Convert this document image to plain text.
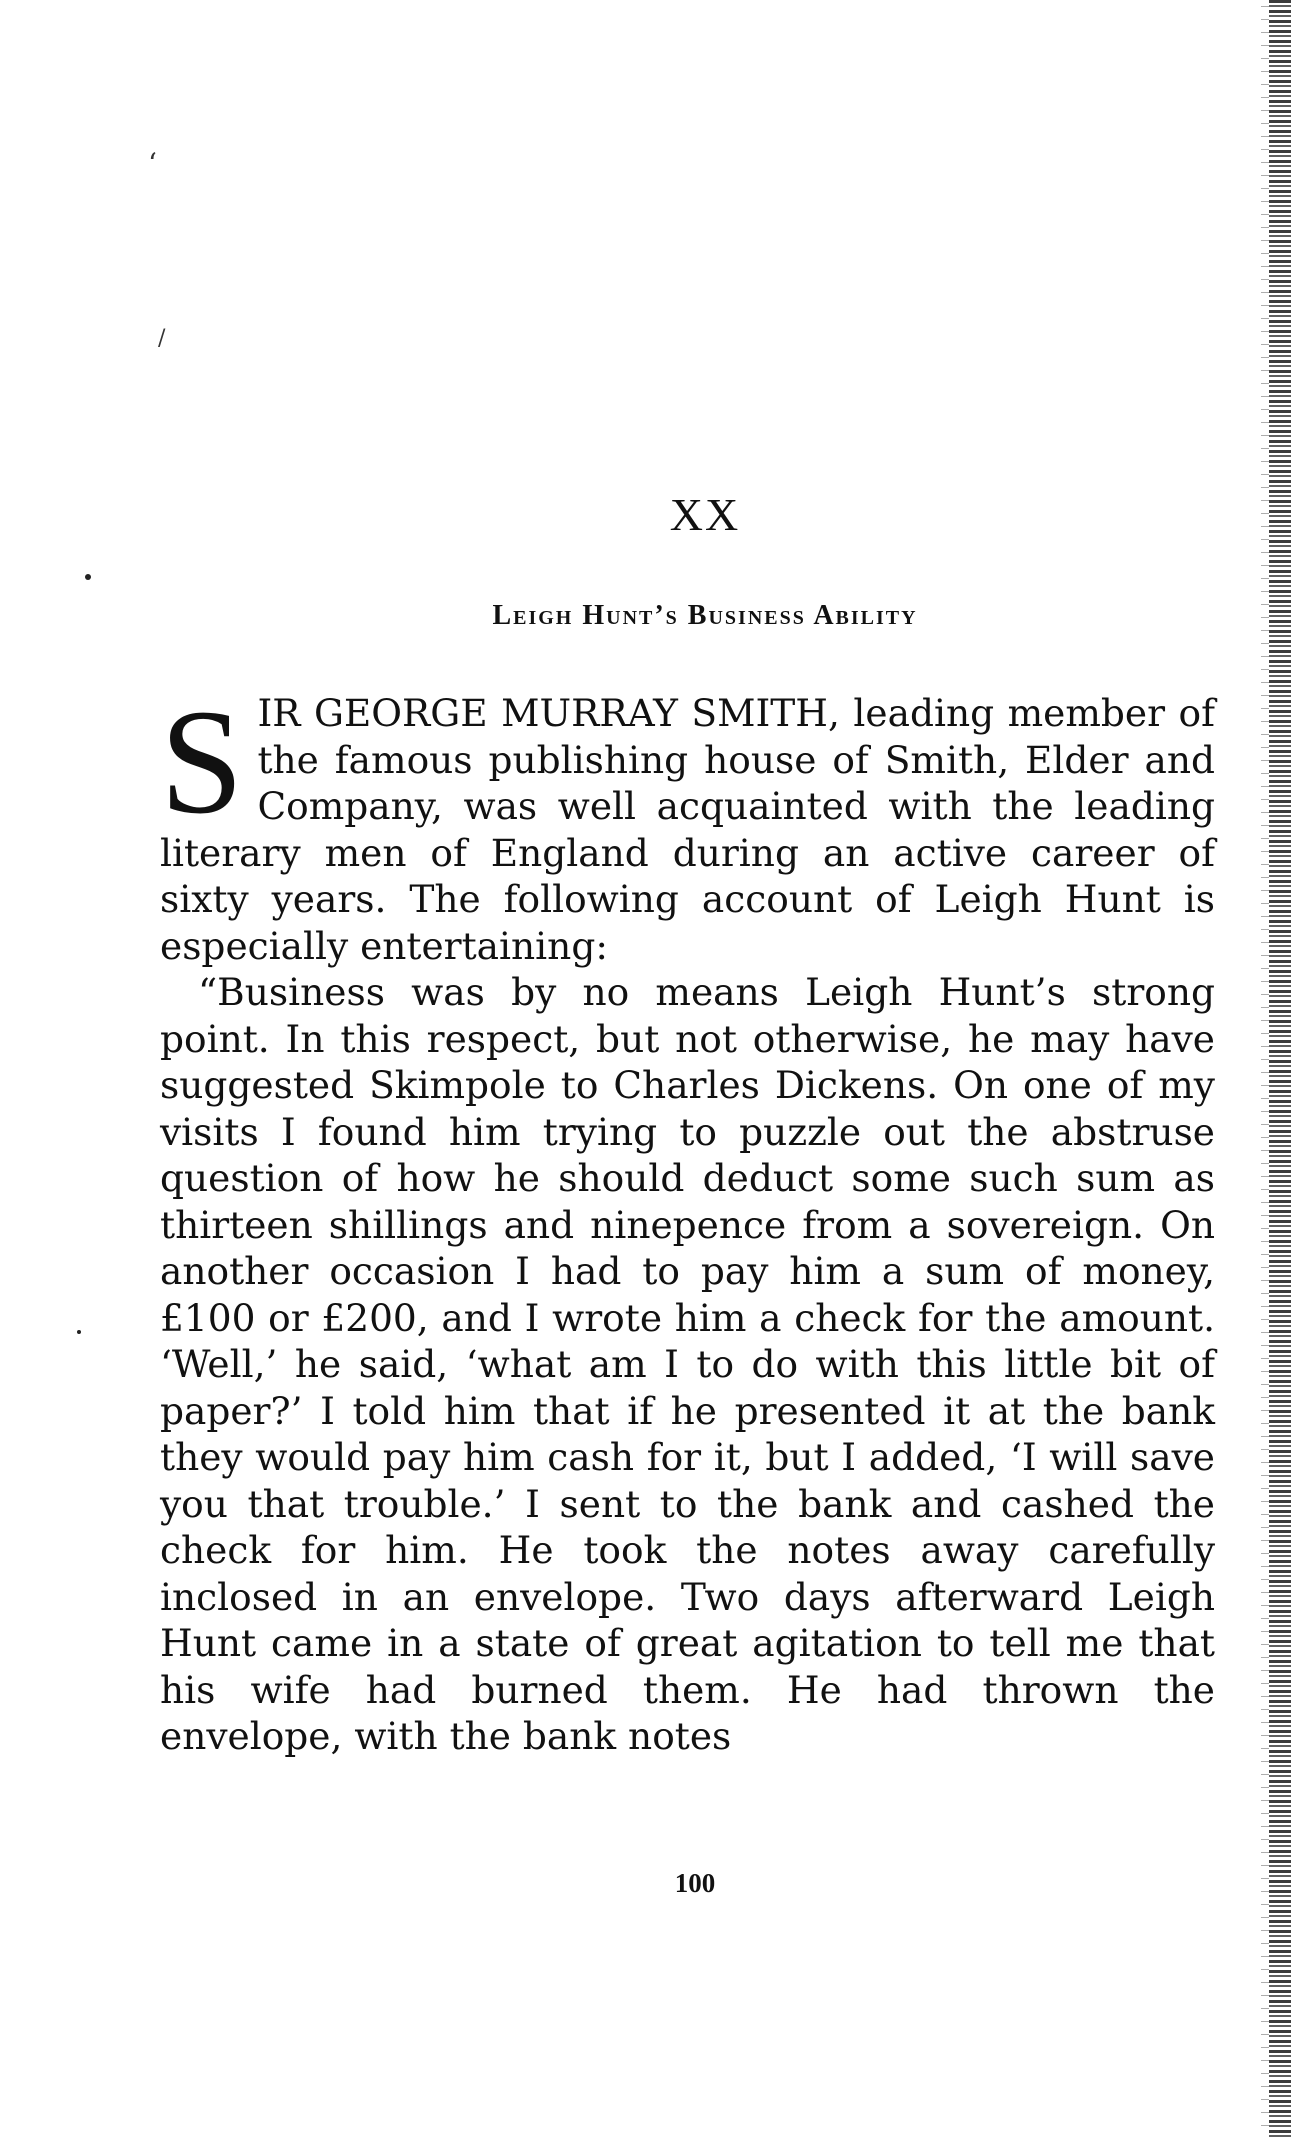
‘
/
XX
Leigh Hunt’s Business Ability

SIR GEORGE MURRAY SMITH, leading member of the famous publishing house of Smith, Elder and Company, was well acquainted with the leading literary men of England during an active career of sixty years. The following account of Leigh Hunt is especially entertaining:

“Business was by no means Leigh Hunt’s strong point. In this respect, but not otherwise, he may have suggested Skimpole to Charles Dickens. On one of my visits I found him trying to puzzle out the abstruse question of how he should deduct some such sum as thirteen shillings and ninepence from a sovereign. On another occasion I had to pay him a sum of money, £100 or £200, and I wrote him a check for the amount. ‘Well,’ he said, ‘what am I to do with this little bit of paper?’ I told him that if he presented it at the bank they would pay him cash for it, but I added, ‘I will save you that trouble.’ I sent to the bank and cashed the check for him. He took the notes away carefully inclosed in an envelope. Two days afterward Leigh Hunt came in a state of great agitation to tell me that his wife had burned them. He had thrown the envelope, with the bank notes

100
